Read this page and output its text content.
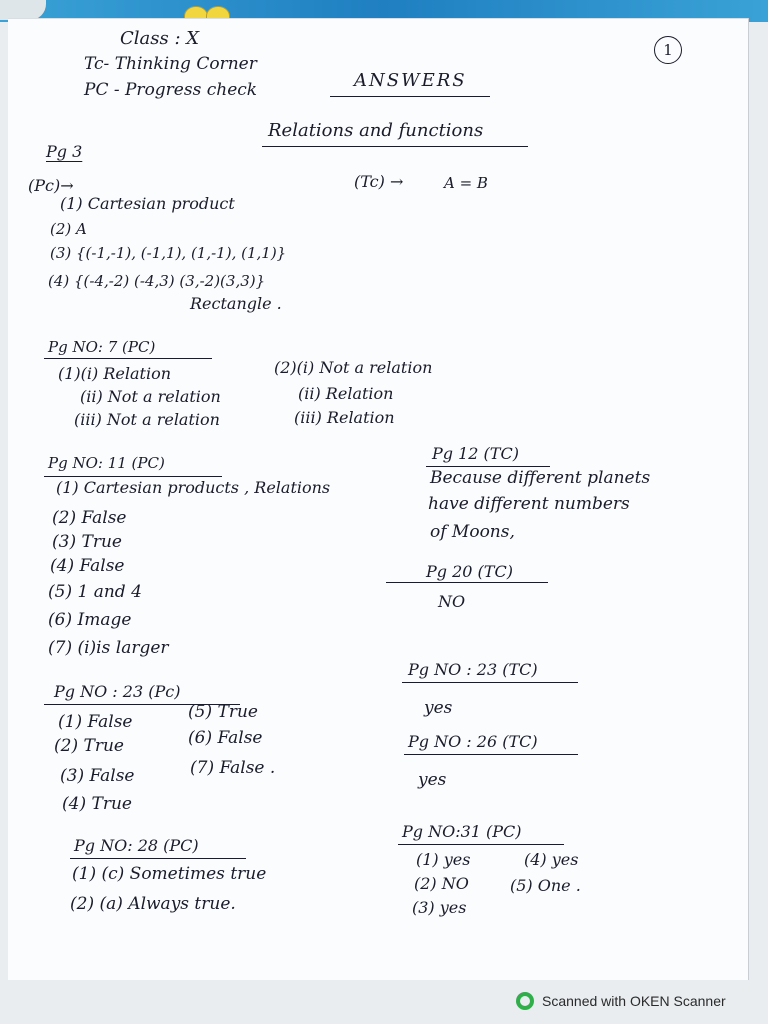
Class : X
Tc- Thinking Corner
PC - Progress check	ANSWERS
1
Relations and functions
Pg 3
(Pc)→	(Tc) →	A = B
(1) Cartesian product
(2) A
(3) {(-1,-1), (-1,1), (1,-1), (1,1)}
(4) {(-4,-2) (-4,3) (3,-2)(3,3)}
Rectangle .
Pg NO: 7 (PC)
(1)(i) Relation
(ii) Not a relation
(iii) Not a relation
(2)(i) Not a relation
(ii) Relation
(iii) Relation
Pg NO: 11 (PC)
(1) Cartesian products , Relations
(2) False
(3) True
(4) False
(5) 1 and 4
(6) Image
(7) (i)is larger
Pg 12 (TC)
Because different planets
have different numbers
of Moons,
Pg 20 (TC)
NO
Pg NO : 23 (Pc)
(1) False
(2) True
(3) False
(4) True
(5) True
(6) False
(7) False .
Pg NO : 23 (TC)
yes
Pg NO : 26 (TC)
yes
Pg NO: 28 (PC)
(1) (c) Sometimes true
(2) (a) Always true.
Pg NO:31 (PC)
(1) yes
(2) NO
(3) yes
(4) yes
(5) One .
Scanned with OKEN Scanner
